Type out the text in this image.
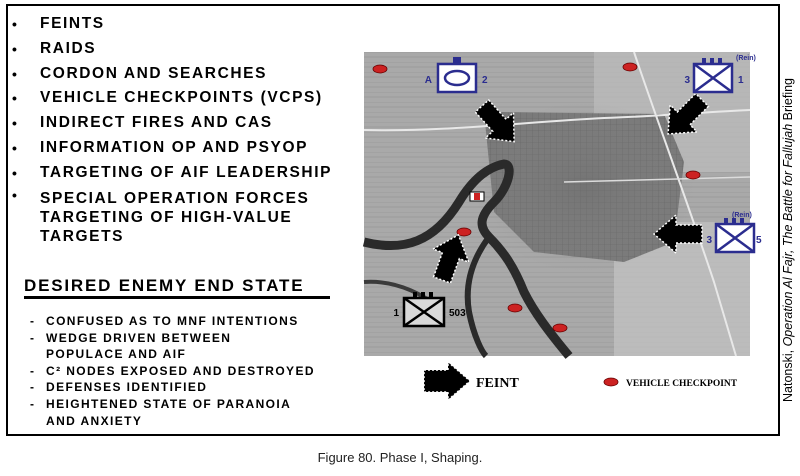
• FEINTS
• RAIDS
• CORDON AND SEARCHES
• VEHICLE CHECKPOINTS (VCPS)
• INDIRECT FIRES AND CAS
• INFORMATION OP AND PSYOP
• TARGETING OF AIF LEADERSHIP
• SPECIAL OPERATION FORCES TARGETING OF HIGH-VALUE TARGETS
DESIRED ENEMY END STATE
- CONFUSED AS TO MNF INTENTIONS
- WEDGE DRIVEN BETWEEN POPULACE AND AIF
- C² NODES EXPOSED AND DESTROYED
- DEFENSES IDENTIFIED
- HEIGHTENED STATE OF PARANOIA AND ANXIETY
A	2
(Rein)
3	1
(Rein)
3	5
1	503
FEINT	VEHICLE CHECKPOINT	Natonski, Operation Al Fajr, The Battle for Fallujah Briefing
Figure 80. Phase I, Shaping.
